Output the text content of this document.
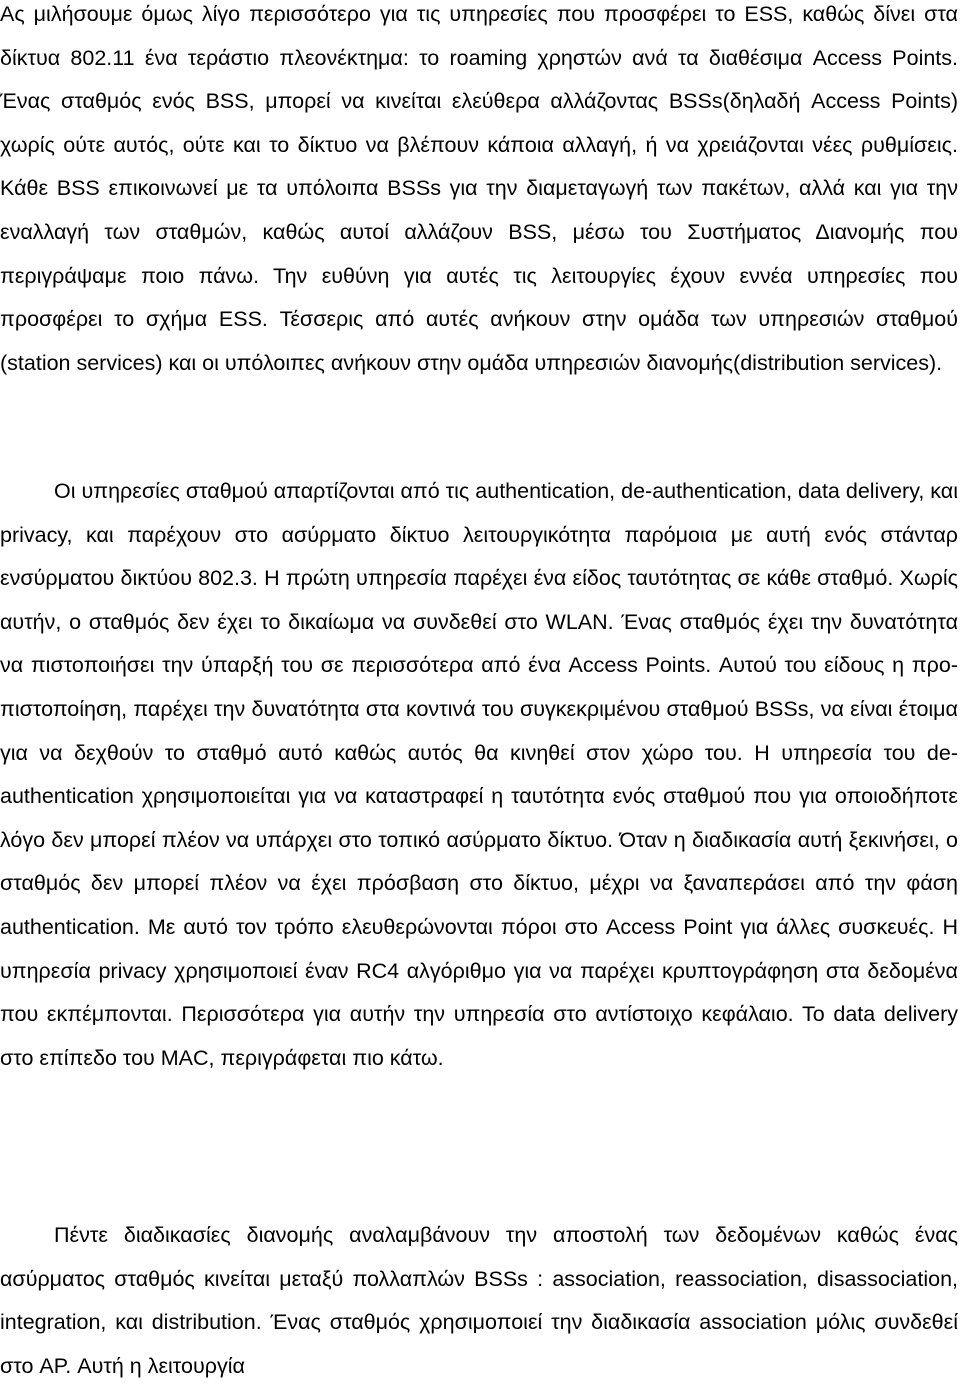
Ας μιλήσουμε όμως λίγο περισσότερο για τις υπηρεσίες που προσφέρει το ESS, καθώς δίνει στα δίκτυα 802.11 ένα τεράστιο πλεονέκτημα: το roaming χρηστών ανά τα διαθέσιμα Access Points. Ένας σταθμός ενός BSS, μπορεί να κινείται ελεύθερα αλλάζοντας BSSs(δηλαδή Access Points) χωρίς ούτε αυτός, ούτε και το δίκτυο να βλέπουν κάποια αλλαγή, ή να χρειάζονται νέες ρυθμίσεις. Κάθε BSS επικοινωνεί με τα υπόλοιπα BSSs για την διαμεταγωγή των πακέτων, αλλά και για την εναλλαγή των σταθμών, καθώς αυτοί αλλάζουν BSS, μέσω του Συστήματος Διανομής που περιγράψαμε ποιο πάνω. Την ευθύνη για αυτές τις λειτουργίες έχουν εννέα υπηρεσίες που προσφέρει το σχήμα ESS. Τέσσερις από αυτές ανήκουν στην ομάδα των υπηρεσιών σταθμού (station services) και οι υπόλοιπες ανήκουν στην ομάδα υπηρεσιών διανομής(distribution services).

Οι υπηρεσίες σταθμού απαρτίζονται από τις authentication, de-authentication, data delivery, και privacy, και παρέχουν στο ασύρματο δίκτυο λειτουργικότητα παρόμοια με αυτή ενός στάνταρ ενσύρματου δικτύου 802.3. Η πρώτη υπηρεσία παρέχει ένα είδος ταυτότητας σε κάθε σταθμό. Χωρίς αυτήν, ο σταθμός δεν έχει το δικαίωμα να συνδεθεί στο WLAN. Ένας σταθμός έχει την δυνατότητα να πιστοποιήσει την ύπαρξή του σε περισσότερα από ένα Access Points. Αυτού του είδους η προ-πιστοποίηση, παρέχει την δυνατότητα στα κοντινά του συγκεκριμένου σταθμού BSSs, να είναι έτοιμα για να δεχθούν το σταθμό αυτό καθώς αυτός θα κινηθεί στον χώρο του. Η υπηρεσία του de-authentication χρησιμοποιείται για να καταστραφεί η ταυτότητα ενός σταθμού που για οποιοδήποτε λόγο δεν μπορεί πλέον να υπάρχει στο τοπικό ασύρματο δίκτυο. Όταν η διαδικασία αυτή ξεκινήσει, ο σταθμός δεν μπορεί πλέον να έχει πρόσβαση στο δίκτυο, μέχρι να ξαναπεράσει από την φάση authentication. Με αυτό τον τρόπο ελευθερώνονται πόροι στο Access Point για άλλες συσκευές. Η υπηρεσία privacy χρησιμοποιεί έναν RC4 αλγόριθμο για να παρέχει κρυπτογράφηση στα δεδομένα που εκπέμπονται. Περισσότερα για αυτήν την υπηρεσία στο αντίστοιχο κεφάλαιο. Το data delivery στο επίπεδο του MAC, περιγράφεται πιο κάτω.

Πέντε διαδικασίες διανομής αναλαμβάνουν την αποστολή των δεδομένων καθώς ένας ασύρματος σταθμός κινείται μεταξύ πολλαπλών BSSs : association, reassociation, disassociation, integration, και distribution. Ένας σταθμός χρησιμοποιεί την διαδικασία association μόλις συνδεθεί στο AP. Αυτή η λειτουργία
